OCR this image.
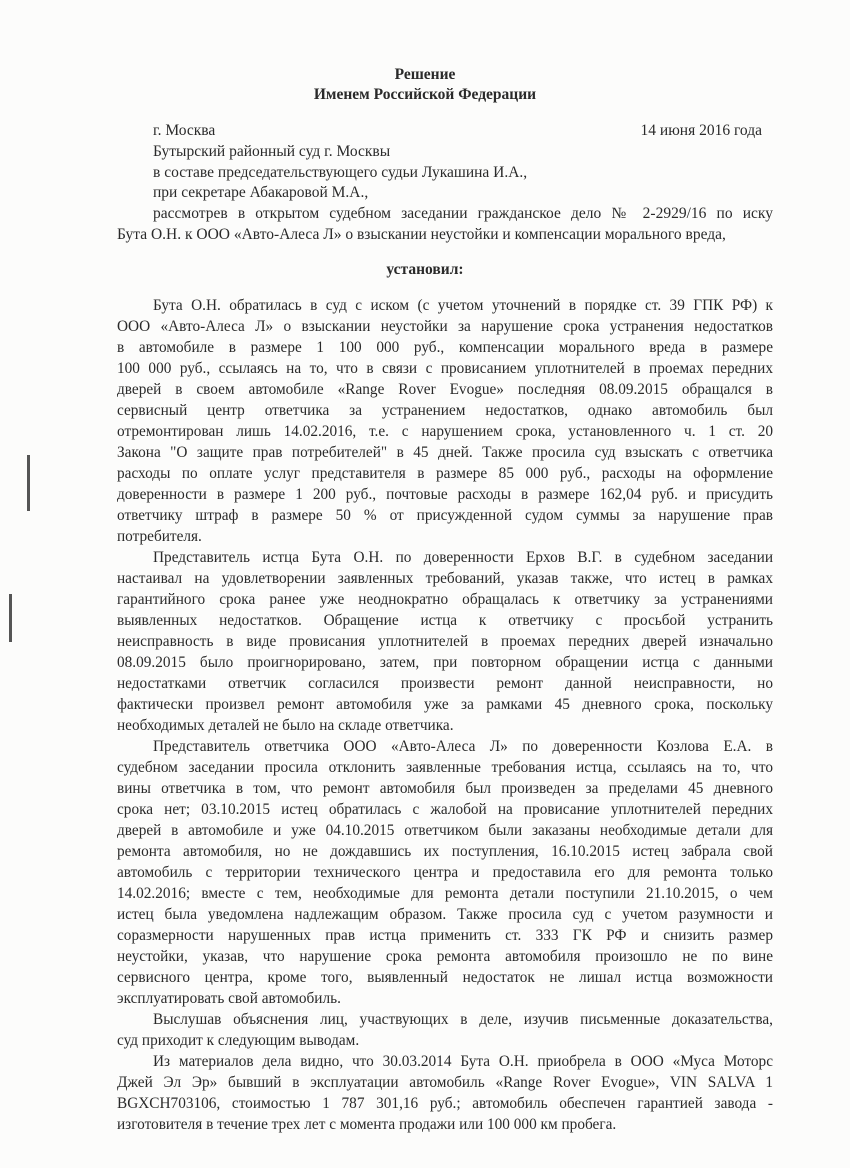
Решение
Именем Российской Федерации
г. Москва	14 июня 2016 года
Бутырский районный суд г. Москвы
в составе председательствующего судьи Лукашина И.А.,
при секретаре Абакаровой М.А.,
рассмотрев в открытом судебном заседании гражданское дело № 2-2929/16 по иску
Бута О.Н. к ООО «Авто-Алеса Л» о взыскании неустойки и компенсации морального вреда,
установил:
Бута О.Н. обратилась в суд с иском (с учетом уточнений в порядке ст. 39 ГПК РФ) к
ООО «Авто-Алеса Л» о взыскании неустойки за нарушение срока устранения недостатков
в автомобиле в размере 1 100 000 руб., компенсации морального вреда в размере
100 000 руб., ссылаясь на то, что в связи с провисанием уплотнителей в проемах передних
дверей в своем автомобиле «Range Rover Evogue» последняя 08.09.2015 обращался в
сервисный центр ответчика за устранением недостатков, однако автомобиль был
отремонтирован лишь 14.02.2016, т.е. с нарушением срока, установленного ч. 1 ст. 20
Закона "О защите прав потребителей" в 45 дней. Также просила суд взыскать с ответчика
расходы по оплате услуг представителя в размере 85 000 руб., расходы на оформление
доверенности в размере 1 200 руб., почтовые расходы в размере 162,04 руб. и присудить
ответчику штраф в размере 50 % от присужденной судом суммы за нарушение прав
потребителя.
Представитель истца Бута О.Н. по доверенности Ерхов В.Г. в судебном заседании
настаивал на удовлетворении заявленных требований, указав также, что истец в рамках
гарантийного срока ранее уже неоднократно обращалась к ответчику за устранениями
выявленных недостатков. Обращение истца к ответчику с просьбой устранить
неисправность в виде провисания уплотнителей в проемах передних дверей изначально
08.09.2015 было проигнорировано, затем, при повторном обращении истца с данными
недостатками ответчик согласился произвести ремонт данной неисправности, но
фактически произвел ремонт автомобиля уже за рамками 45 дневного срока, поскольку
необходимых деталей не было на складе ответчика.
Представитель ответчика ООО «Авто-Алеса Л» по доверенности Козлова Е.А. в
судебном заседании просила отклонить заявленные требования истца, ссылаясь на то, что
вины ответчика в том, что ремонт автомобиля был произведен за пределами 45 дневного
срока нет; 03.10.2015 истец обратилась с жалобой на провисание уплотнителей передних
дверей в автомобиле и уже 04.10.2015 ответчиком были заказаны необходимые детали для
ремонта автомобиля, но не дождавшись их поступления, 16.10.2015 истец забрала свой
автомобиль с территории технического центра и предоставила его для ремонта только
14.02.2016; вместе с тем, необходимые для ремонта детали поступили 21.10.2015, о чем
истец была уведомлена надлежащим образом. Также просила суд с учетом разумности и
соразмерности нарушенных прав истца применить ст. 333 ГК РФ и снизить размер
неустойки, указав, что нарушение срока ремонта автомобиля произошло не по вине
сервисного центра, кроме того, выявленный недостаток не лишал истца возможности
эксплуатировать свой автомобиль.
Выслушав объяснения лиц, участвующих в деле, изучив письменные доказательства,
суд приходит к следующим выводам.
Из материалов дела видно, что 30.03.2014 Бута О.Н. приобрела в ООО «Муса Моторс
Джей Эл Эр» бывший в эксплуатации автомобиль «Range Rover Evogue», VIN SALVA 1
BGXCH703106, стоимостью 1 787 301,16 руб.; автомобиль обеспечен гарантией завода -
изготовителя в течение трех лет с момента продажи или 100 000 км пробега.
